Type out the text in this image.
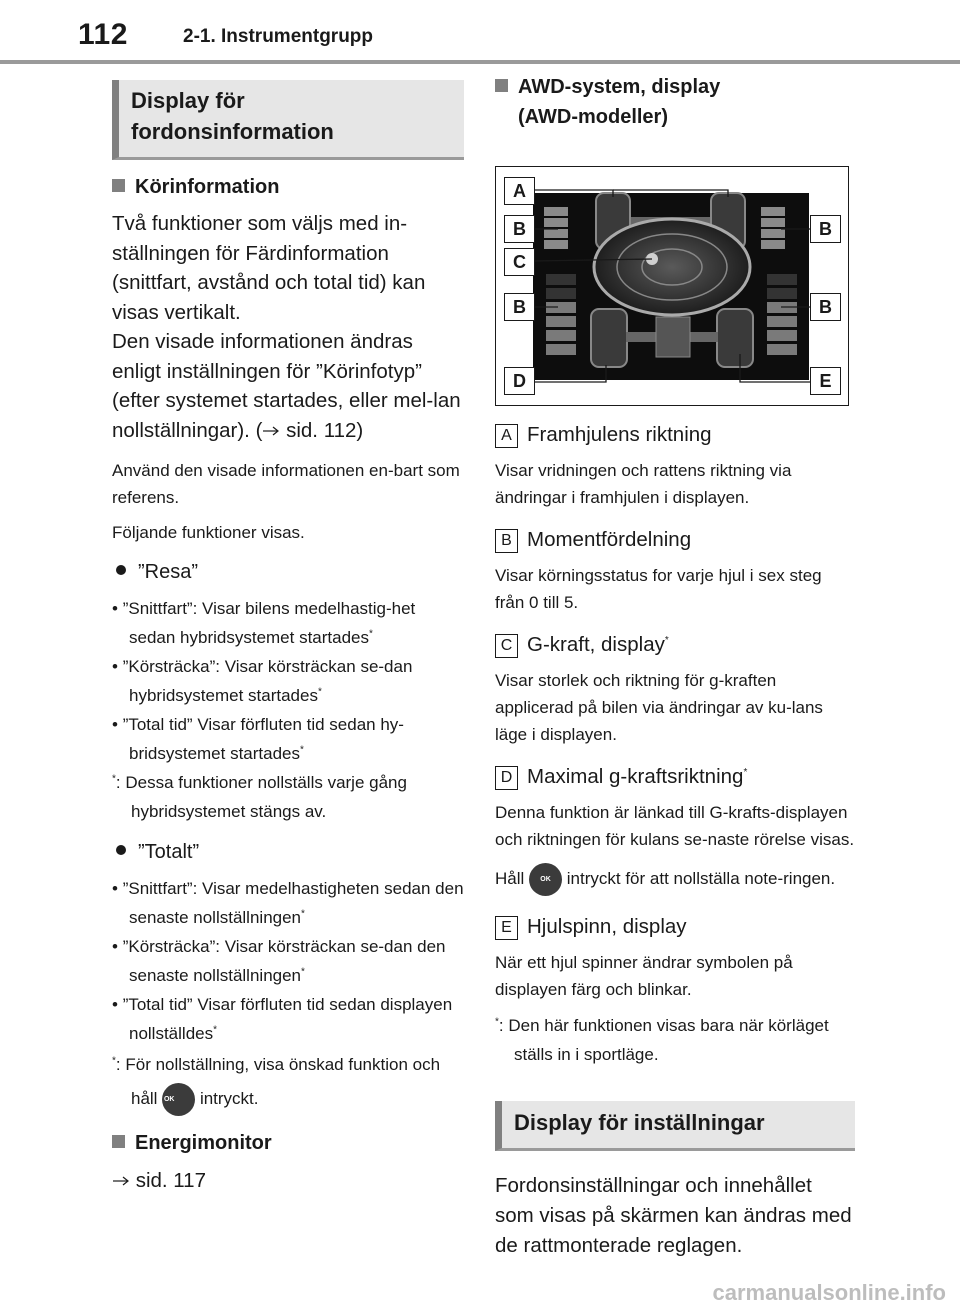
112	2-1. Instrumentgrupp
Display för
fordonsinformation

Körinformation

Två funktioner som väljs med in-ställningen för Färdinformation (snittfart, avstånd och total tid) kan visas vertikalt.

Den visade informationen ändras enligt inställningen för ”Körinfotyp” (efter systemet startades, eller mel-lan nollställningar). ( sid. 112)

Använd den visade informationen en-bart som referens.

Följande funktioner visas.

”Resa”

• ”Snittfart”: Visar bilens medelhastig-het sedan hybridsystemet startades*

• ”Körsträcka”: Visar körsträckan se-dan hybridsystemet startades*

• ”Total tid” Visar förfluten tid sedan hy-bridsystemet startades*

*: Dessa funktioner nollställs varje gång hybridsystemet stängs av.

”Totalt”

• ”Snittfart”: Visar medelhastigheten sedan den senaste nollställningen*

• ”Körsträcka”: Visar körsträckan se-dan den senaste nollställningen*

• ”Total tid” Visar förfluten tid sedan displayen nollställdes*

*: För nollställning, visa önskad funktion och håll OK intryckt.

Energimonitor

sid. 117

AWD-system, display

(AWD-modeller)

A
B	B
C
B	B
D	E

A Framhjulens riktning

Visar vridningen och rattens riktning via ändringar i framhjulen i displayen.

B Momentfördelning

Visar körningsstatus for varje hjul i sex steg från 0 till 5.

C G-kraft, display*

Visar storlek och riktning för g-kraften applicerad på bilen via ändringar av ku-lans läge i displayen.

D Maximal g-kraftsriktning*

Denna funktion är länkad till G-krafts-displayen och riktningen för kulans se-naste rörelse visas.

Håll OK intryckt för att nollställa note-ringen.

E Hjulspinn, display

När ett hjul spinner ändrar symbolen på displayen färg och blinkar.

*: Den här funktionen visas bara när körläget ställs in i sportläge.

Display för inställningar

Fordonsinställningar och innehållet som visas på skärmen kan ändras med de rattmonterade reglagen.

carmanualsonline.info
